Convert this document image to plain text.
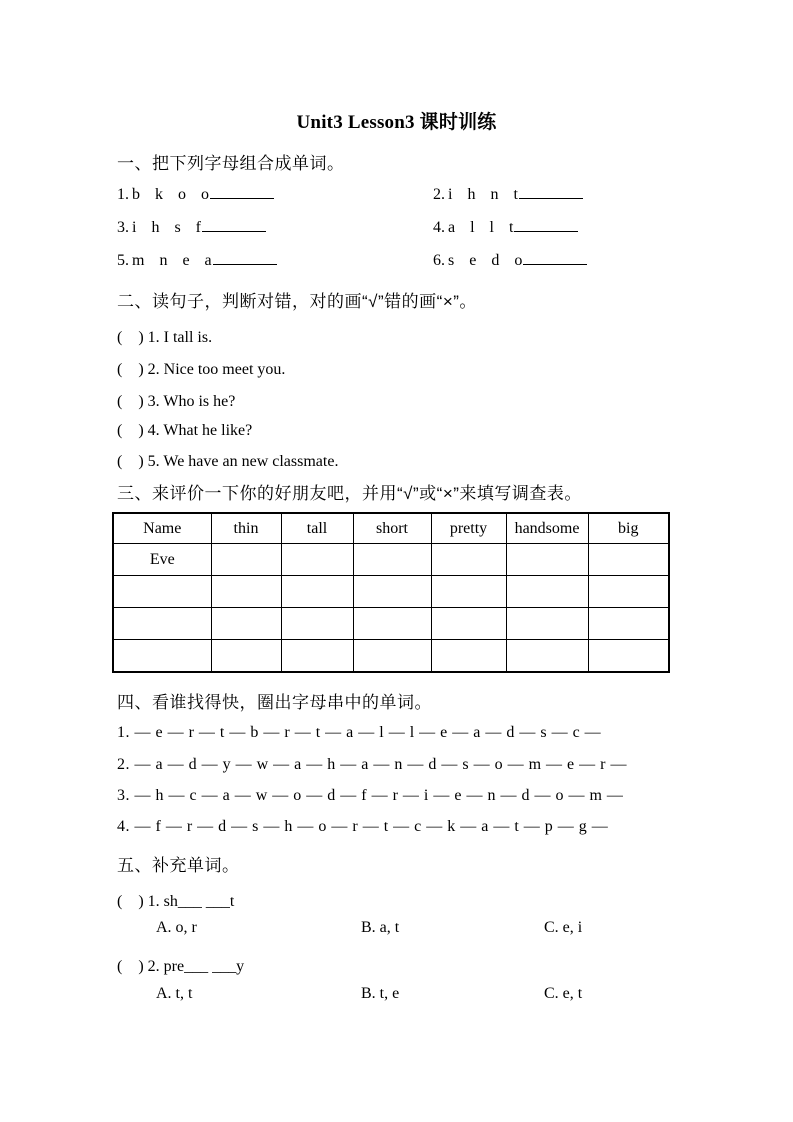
Unit3 Lesson3 课时训练
一、把下列字母组合成单词。
1. b k o o	2. i h n t
3. i h s f	4. a l l t
5. m n e a	6. s e d o
二、读句子，判断对错，对的画“√”错的画“×”。
(　) 1. I tall is.
(　) 2. Nice too meet you.
(　) 3. Who is he?
(　) 4. What he like?
(　) 5. We have an new classmate.
三、来评价一下你的好朋友吧，并用“√”或“×”来填写调查表。
Name	thin	tall	short	pretty	handsome	big
Eve						

四、看谁找得快，圈出字母串中的单词。
1. — e — r — t — b — r — t — a — l — l — e — a — d — s — c —
2. — a — d — y — w — a — h — a — n — d — s — o — m — e — r —
3. — h — c — a — w — o — d — f — r — i — e — n — d — o — m —
4. — f — r — d — s — h — o — r — t — c — k — a — t — p — g —
五、补充单词。
(　) 1. sh___ ___t
A. o, r	B. a, t	C. e, i
(　) 2. pre___ ___y
A. t, t	B. t, e	C. e, t
